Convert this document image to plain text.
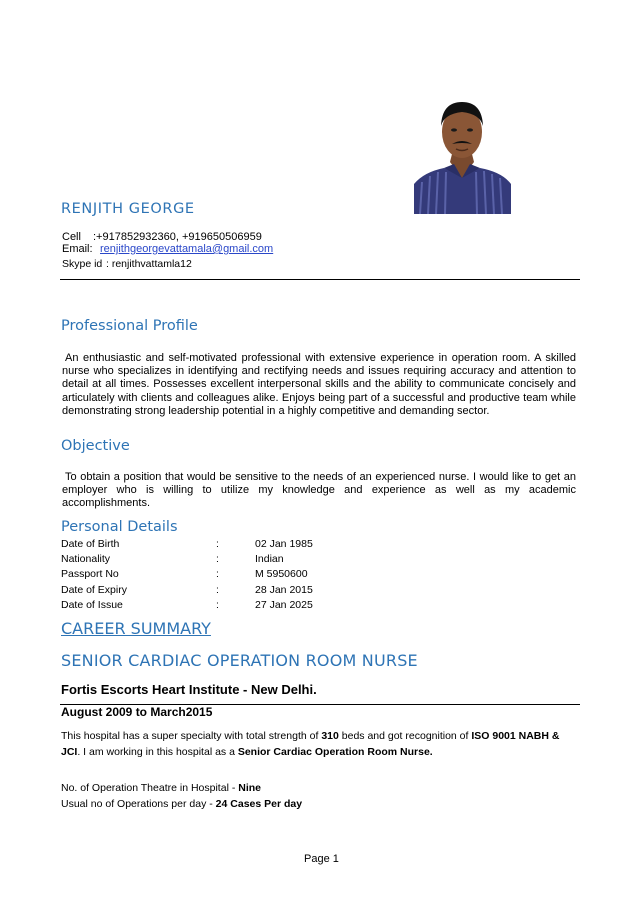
RENJITH GEORGE
Cell :+917852932360, +919650506959
Email: renjithgeorgevattamala@gmail.com
Skype id : renjithvattamla12
Professional Profile
An enthusiastic and self-motivated professional with extensive experience in operation room. A skilled nurse who specializes in identifying and rectifying needs and issues requiring accuracy and attention to detail at all times. Possesses excellent interpersonal skills and the ability to communicate concisely and articulately with clients and colleagues alike. Enjoys being part of a successful and productive team while demonstrating strong leadership potential in a highly competitive and demanding sector.
Objective
To obtain a position that would be sensitive to the needs of an experienced nurse. I would like to get an employer who is willing to utilize my knowledge and experience as well as my academic accomplishments.
Personal Details
Date of Birth	:	02 Jan 1985
Nationality	:	Indian
Passport No	:	M 5950600
Date of Expiry	:	28 Jan 2015
Date of Issue	:	27 Jan 2025
CAREER SUMMARY
SENIOR CARDIAC OPERATION ROOM NURSE
Fortis Escorts Heart Institute - New Delhi.
August 2009 to March2015
This hospital has a super specialty with total strength of 310 beds and got recognition of ISO 9001 NABH & JCI. I am working in this hospital as a Senior Cardiac Operation Room Nurse.
No. of Operation Theatre in Hospital - Nine
Usual no of Operations per day - 24 Cases Per day
Page 1
